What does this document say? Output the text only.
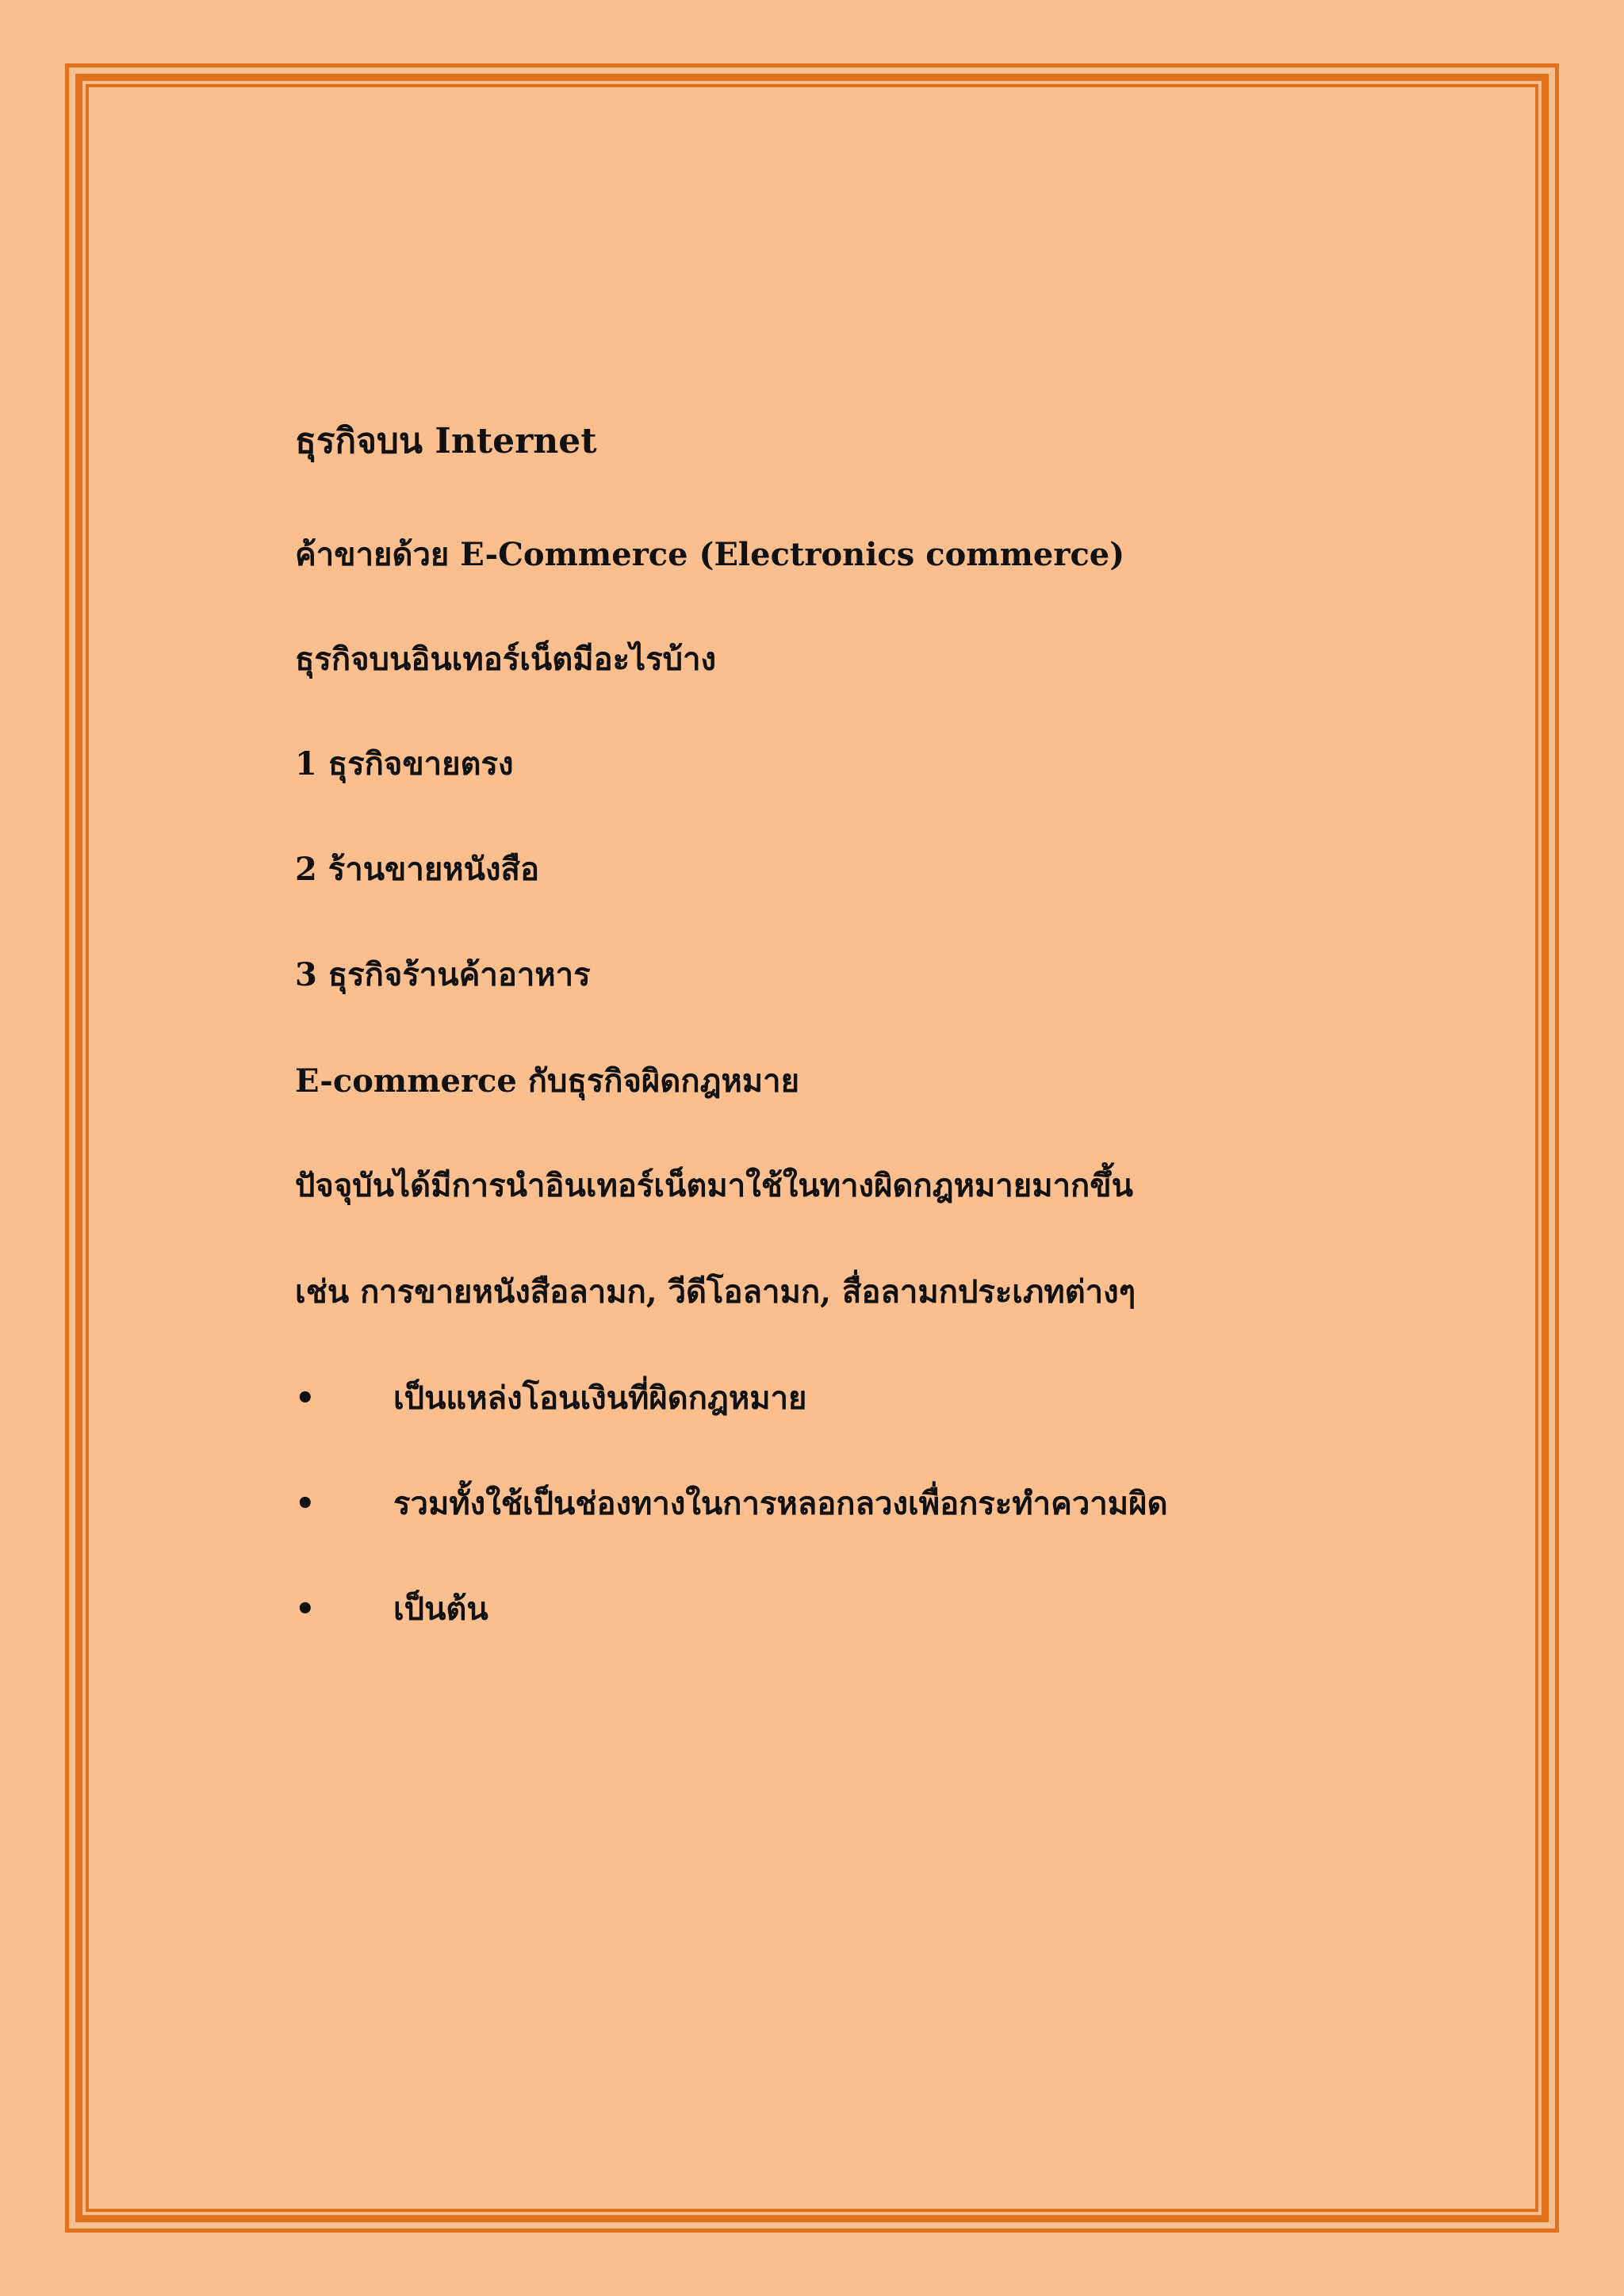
ธุรกิจบน Internet
ค้าขายด้วย E-Commerce (Electronics commerce)
ธุรกิจบนอินเทอร์เน็ตมีอะไรบ้าง
1 ธุรกิจขายตรง
2 ร้านขายหนังสือ
3 ธุรกิจร้านค้าอาหาร
E-commerce กับธุรกิจผิดกฎหมาย
ปัจจุบันได้มีการนำอินเทอร์เน็ตมาใช้ในทางผิดกฎหมายมากขึ้น
เช่น การขายหนังสือลามก, วีดีโอลามก, สื่อลามกประเภทต่างๆ
• เป็นแหล่งโอนเงินที่ผิดกฎหมาย
• รวมทั้งใช้เป็นช่องทางในการหลอกลวงเพื่อกระทำความผิด
• เป็นต้น
